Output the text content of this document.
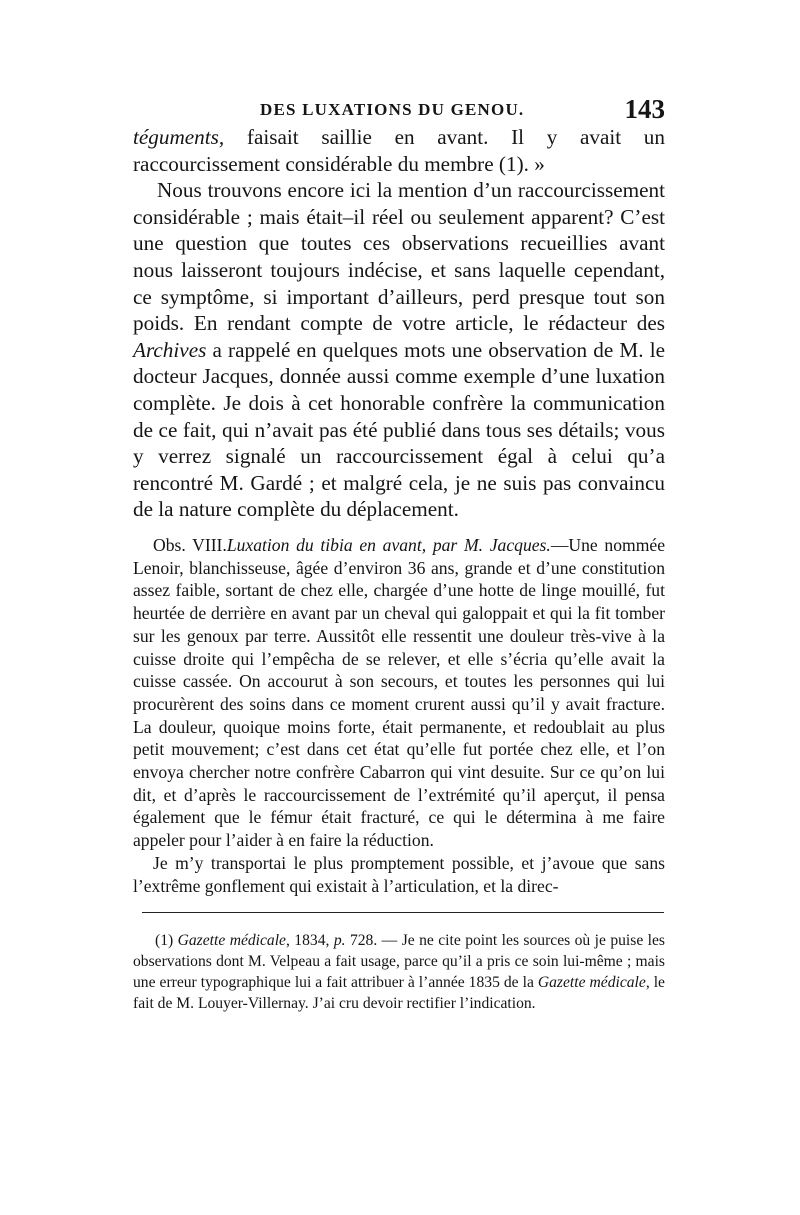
DES LUXATIONS DU GENOU.	143

téguments, faisait saillie en avant. Il y avait un raccourcissement considérable du membre (1). »

Nous trouvons encore ici la mention d’un raccourcissement considérable ; mais était–il réel ou seulement apparent? C’est une question que toutes ces observations recueillies avant nous laisseront toujours indécise, et sans laquelle cependant, ce symptôme, si important d’ailleurs, perd presque tout son poids. En rendant compte de votre article, le rédacteur des Archives a rappelé en quelques mots une observation de M. le docteur Jacques, donnée aussi comme exemple d’une luxation complète. Je dois à cet honorable confrère la communication de ce fait, qui n’avait pas été publié dans tous ses détails; vous y verrez signalé un raccourcissement égal à celui qu’a rencontré M. Gardé ; et malgré cela, je ne suis pas convaincu de la nature complète du déplacement.

Obs. VIII.Luxation du tibia en avant, par M. Jacques.—Une nommée Lenoir, blanchisseuse, âgée d’environ 36 ans, grande et d’une constitution assez faible, sortant de chez elle, chargée d’une hotte de linge mouillé, fut heurtée de derrière en avant par un cheval qui galoppait et qui la fit tomber sur les genoux par terre. Aussitôt elle ressentit une douleur très-vive à la cuisse droite qui l’empêcha de se relever, et elle s’écria qu’elle avait la cuisse cassée. On accourut à son secours, et toutes les personnes qui lui procurèrent des soins dans ce moment crurent aussi qu’il y avait fracture. La douleur, quoique moins forte, était permanente, et redoublait au plus petit mouvement; c’est dans cet état qu’elle fut portée chez elle, et l’on envoya chercher notre confrère Cabarron qui vint desuite. Sur ce qu’on lui dit, et d’après le raccourcissement de l’extrémité qu’il aperçut, il pensa également que le fémur était fracturé, ce qui le détermina à me faire appeler pour l’aider à en faire la réduction.

Je m’y transportai le plus promptement possible, et j’avoue que sans l’extrême gonflement qui existait à l’articulation, et la direc-

(1) Gazette médicale, 1834, p. 728. — Je ne cite point les sources où je puise les observations dont M. Velpeau a fait usage, parce qu’il a pris ce soin lui-même ; mais une erreur typographique lui a fait attribuer à l’année 1835 de la Gazette médicale, le fait de M. Louyer-Villernay. J’ai cru devoir rectifier l’indication.
